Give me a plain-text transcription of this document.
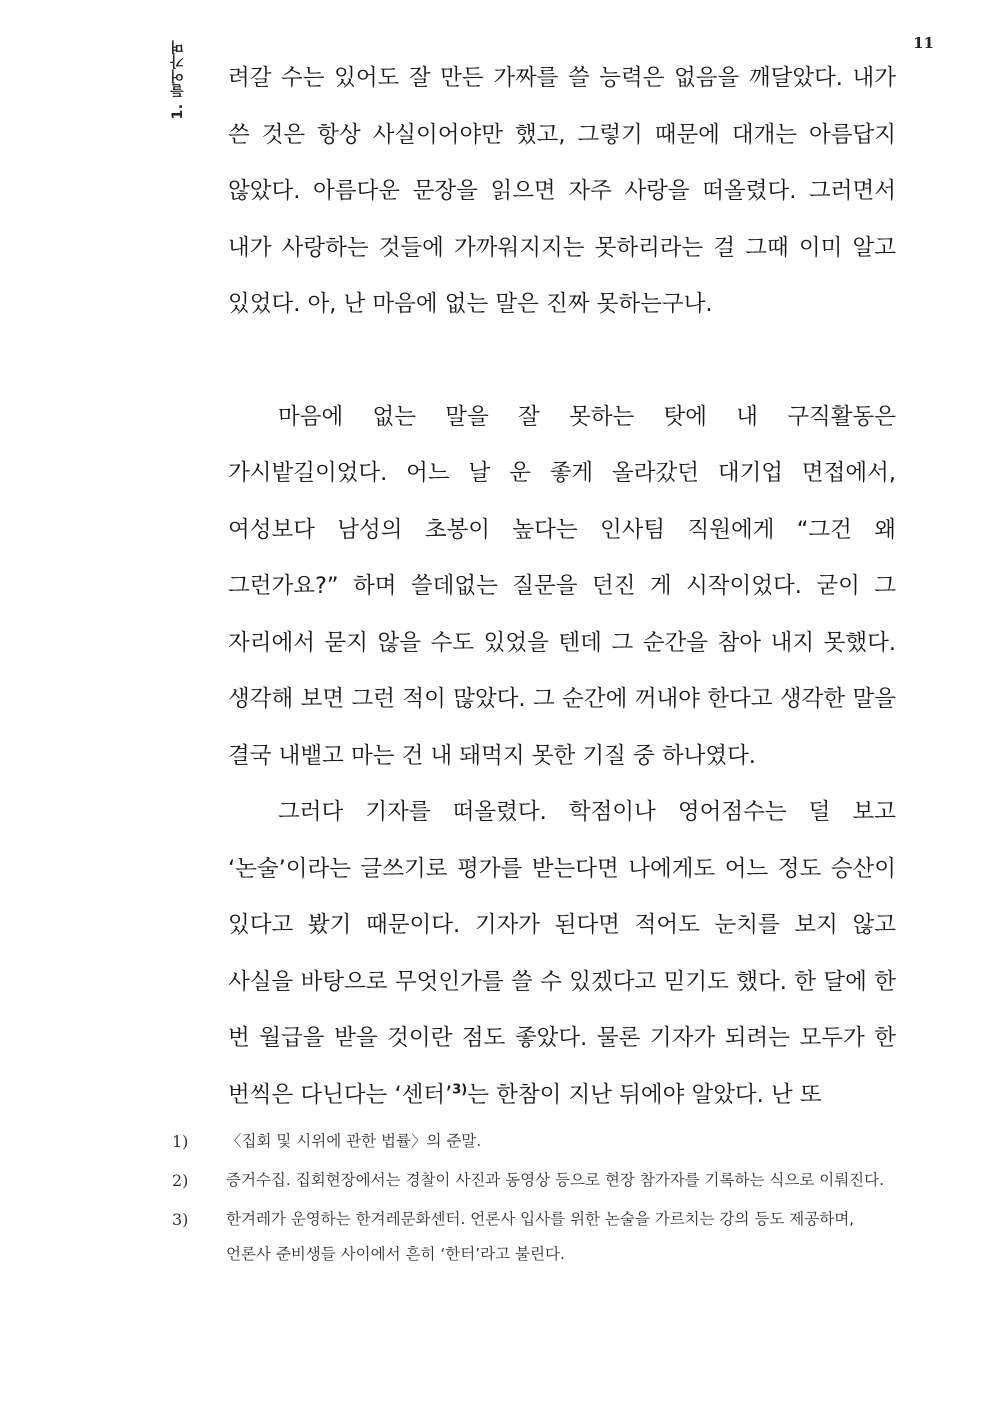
11
1. 들어가며 려갈 수는 있어도 잘 만든 가짜를 쓸 능력은 없음을 깨달았다. 내가 쓴 것은 항상 사실이어야만 했고, 그렇기 때문에 대개는 아름답지 않았다. 아름다운 문장을 읽으면 자주 사랑을 떠올렸다. 그러면서 내가 사랑하는 것들에 가까워지지는 못하리라는 걸 그때 이미 알고 있었다. 아, 난 마음에 없는 말은 진짜 못하는구나.

마음에 없는 말을 잘 못하는 탓에 내 구직활동은 가시밭길이었다. 어느 날 운 좋게 올라갔던 대기업 면접에서, 여성보다 남성의 초봉이 높다는 인사팀 직원에게 “그건 왜 그런가요?” 하며 쓸데없는 질문을 던진 게 시작이었다. 굳이 그 자리에서 묻지 않을 수도 있었을 텐데 그 순간을 참아 내지 못했다. 생각해 보면 그런 적이 많았다. 그 순간에 꺼내야 한다고 생각한 말을 결국 내뱉고 마는 건 내 돼먹지 못한 기질 중 하나였다.

그러다 기자를 떠올렸다. 학점이나 영어점수는 덜 보고 ‘논술’이라는 글쓰기로 평가를 받는다면 나에게도 어느 정도 승산이 있다고 봤기 때문이다. 기자가 된다면 적어도 눈치를 보지 않고 사실을 바탕으로 무엇인가를 쓸 수 있겠다고 믿기도 했다. 한 달에 한 번 월급을 받을 것이란 점도 좋았다. 물론 기자가 되려는 모두가 한 번씩은 다닌다는 ‘센터’$^{3)}$는 한참이 지난 뒤에야 알았다. 난 또

1)	〈집회 및 시위에 관한 법률〉의 준말.
2)	증거수집. 집회현장에서는 경찰이 사진과 동영상 등으로 현장 참가자를 기록하는 식으로 이뤄진다.
3)	한겨레가 운영하는 한겨레문화센터. 언론사 입사를 위한 논술을 가르치는 강의 등도 제공하며, 언론사 준비생들 사이에서 흔히 ‘한터’라고 불린다.
